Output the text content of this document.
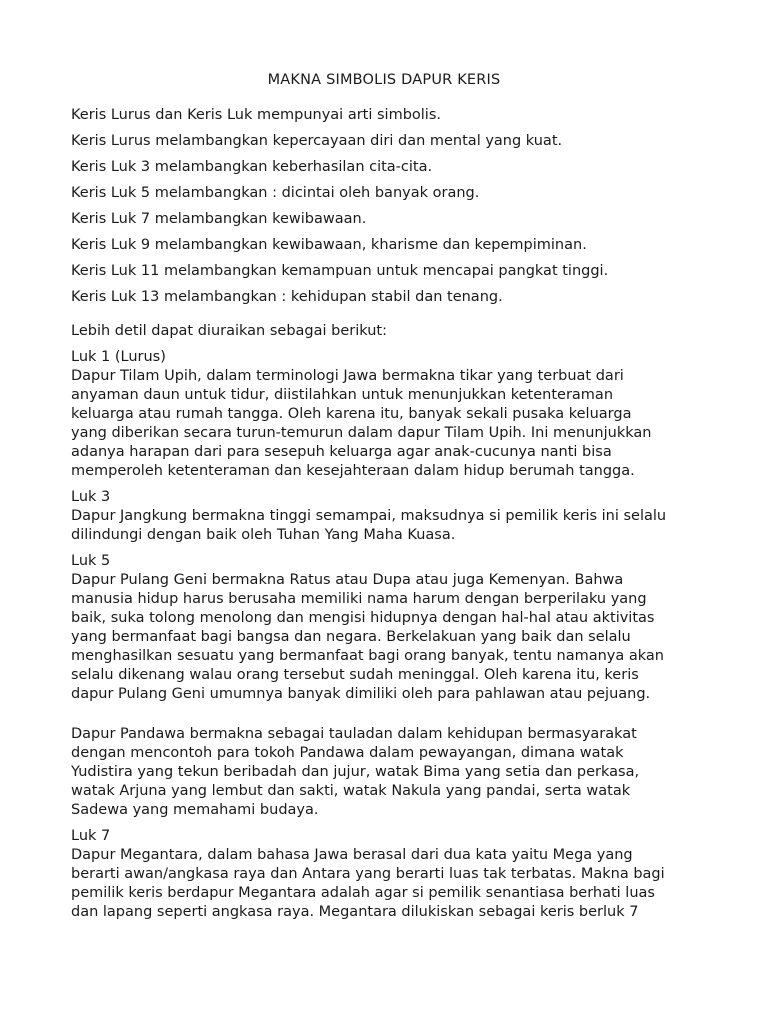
MAKNA SIMBOLIS DAPUR KERIS
Keris Lurus dan Keris Luk mempunyai arti simbolis.
Keris Lurus melambangkan kepercayaan diri dan mental yang kuat.
Keris Luk 3 melambangkan keberhasilan cita-cita.
Keris Luk 5 melambangkan : dicintai oleh banyak orang.
Keris Luk 7 melambangkan kewibawaan.
Keris Luk 9 melambangkan kewibawaan, kharisme dan kepempiminan.
Keris Luk 11 melambangkan kemampuan untuk mencapai pangkat tinggi.
Keris Luk 13 melambangkan : kehidupan stabil dan tenang.
Lebih detil dapat diuraikan sebagai berikut:
Luk 1 (Lurus)
Dapur Tilam Upih, dalam terminologi Jawa bermakna tikar yang terbuat dari
anyaman daun untuk tidur, diistilahkan untuk menunjukkan ketenteraman
keluarga atau rumah tangga. Oleh karena itu, banyak sekali pusaka keluarga
yang diberikan secara turun-temurun dalam dapur Tilam Upih. Ini menunjukkan
adanya harapan dari para sesepuh keluarga agar anak-cucunya nanti bisa
memperoleh ketenteraman dan kesejahteraan dalam hidup berumah tangga.
Luk 3
Dapur Jangkung bermakna tinggi semampai, maksudnya si pemilik keris ini selalu
dilindungi dengan baik oleh Tuhan Yang Maha Kuasa.
Luk 5
Dapur Pulang Geni bermakna Ratus atau Dupa atau juga Kemenyan. Bahwa
manusia hidup harus berusaha memiliki nama harum dengan berperilaku yang
baik, suka tolong menolong dan mengisi hidupnya dengan hal-hal atau aktivitas
yang bermanfaat bagi bangsa dan negara. Berkelakuan yang baik dan selalu
menghasilkan sesuatu yang bermanfaat bagi orang banyak, tentu namanya akan
selalu dikenang walau orang tersebut sudah meninggal. Oleh karena itu, keris
dapur Pulang Geni umumnya banyak dimiliki oleh para pahlawan atau pejuang.
Dapur Pandawa bermakna sebagai tauladan dalam kehidupan bermasyarakat
dengan mencontoh para tokoh Pandawa dalam pewayangan, dimana watak
Yudistira yang tekun beribadah dan jujur, watak Bima yang setia dan perkasa,
watak Arjuna yang lembut dan sakti, watak Nakula yang pandai, serta watak
Sadewa yang memahami budaya.
Luk 7
Dapur Megantara, dalam bahasa Jawa berasal dari dua kata yaitu Mega yang
berarti awan/angkasa raya dan Antara yang berarti luas tak terbatas. Makna bagi
pemilik keris berdapur Megantara adalah agar si pemilik senantiasa berhati luas
dan lapang seperti angkasa raya. Megantara dilukiskan sebagai keris berluk 7
